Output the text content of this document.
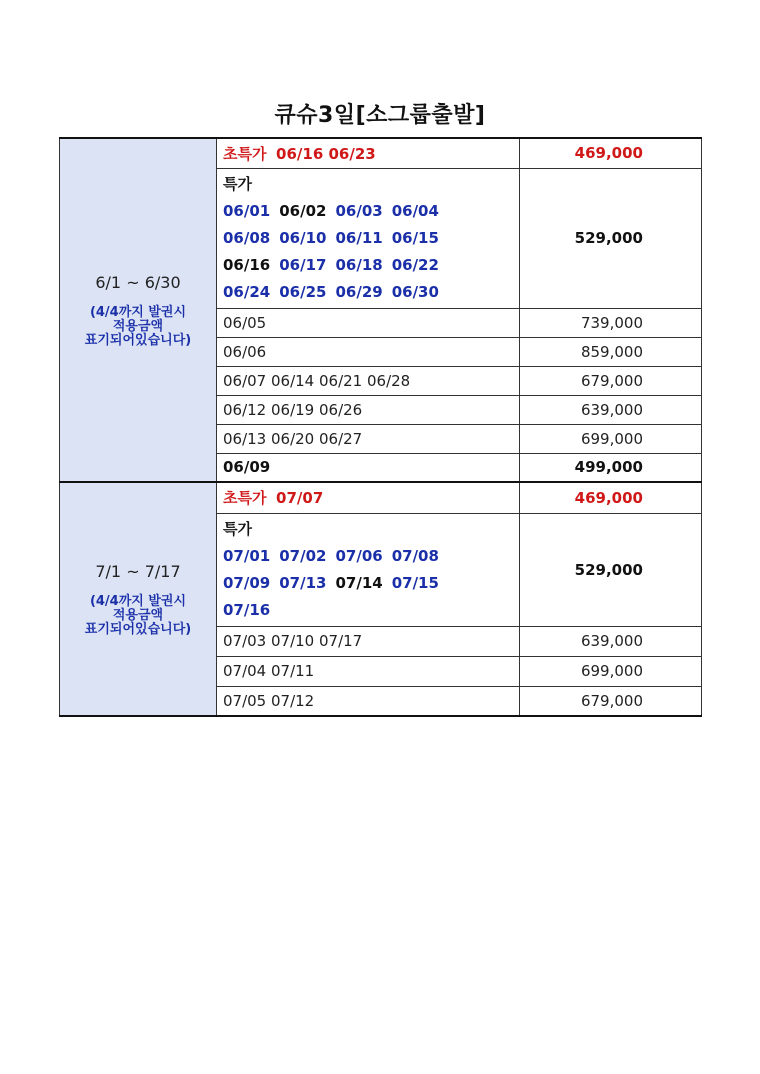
큐슈3일[소그룹출발]
6/1 ~ 6/30
(4/4까지 발권시
적용금액
표기되어있습니다)	초특가 06/16 06/23	469,000

	특가
06/01 06/02 06/03 06/04
06/08 06/10 06/11 06/15
06/16 06/17 06/18 06/22
06/24 06/25 06/29 06/30	529,000
	06/05	739,000
	06/06	859,000
	06/07 06/14 06/21 06/28	679,000
	06/12 06/19 06/26	639,000
	06/13 06/20 06/27	699,000
	06/09	499,000

7/1 ~ 7/17
(4/4까지 발권시
적용금액
표기되어있습니다)	초특가 07/07	469,000

	특가
07/01 07/02 07/06 07/08
07/09 07/13 07/14 07/15
07/16	529,000
	07/03 07/10 07/17	639,000
	07/04 07/11	699,000
	07/05 07/12	679,000
